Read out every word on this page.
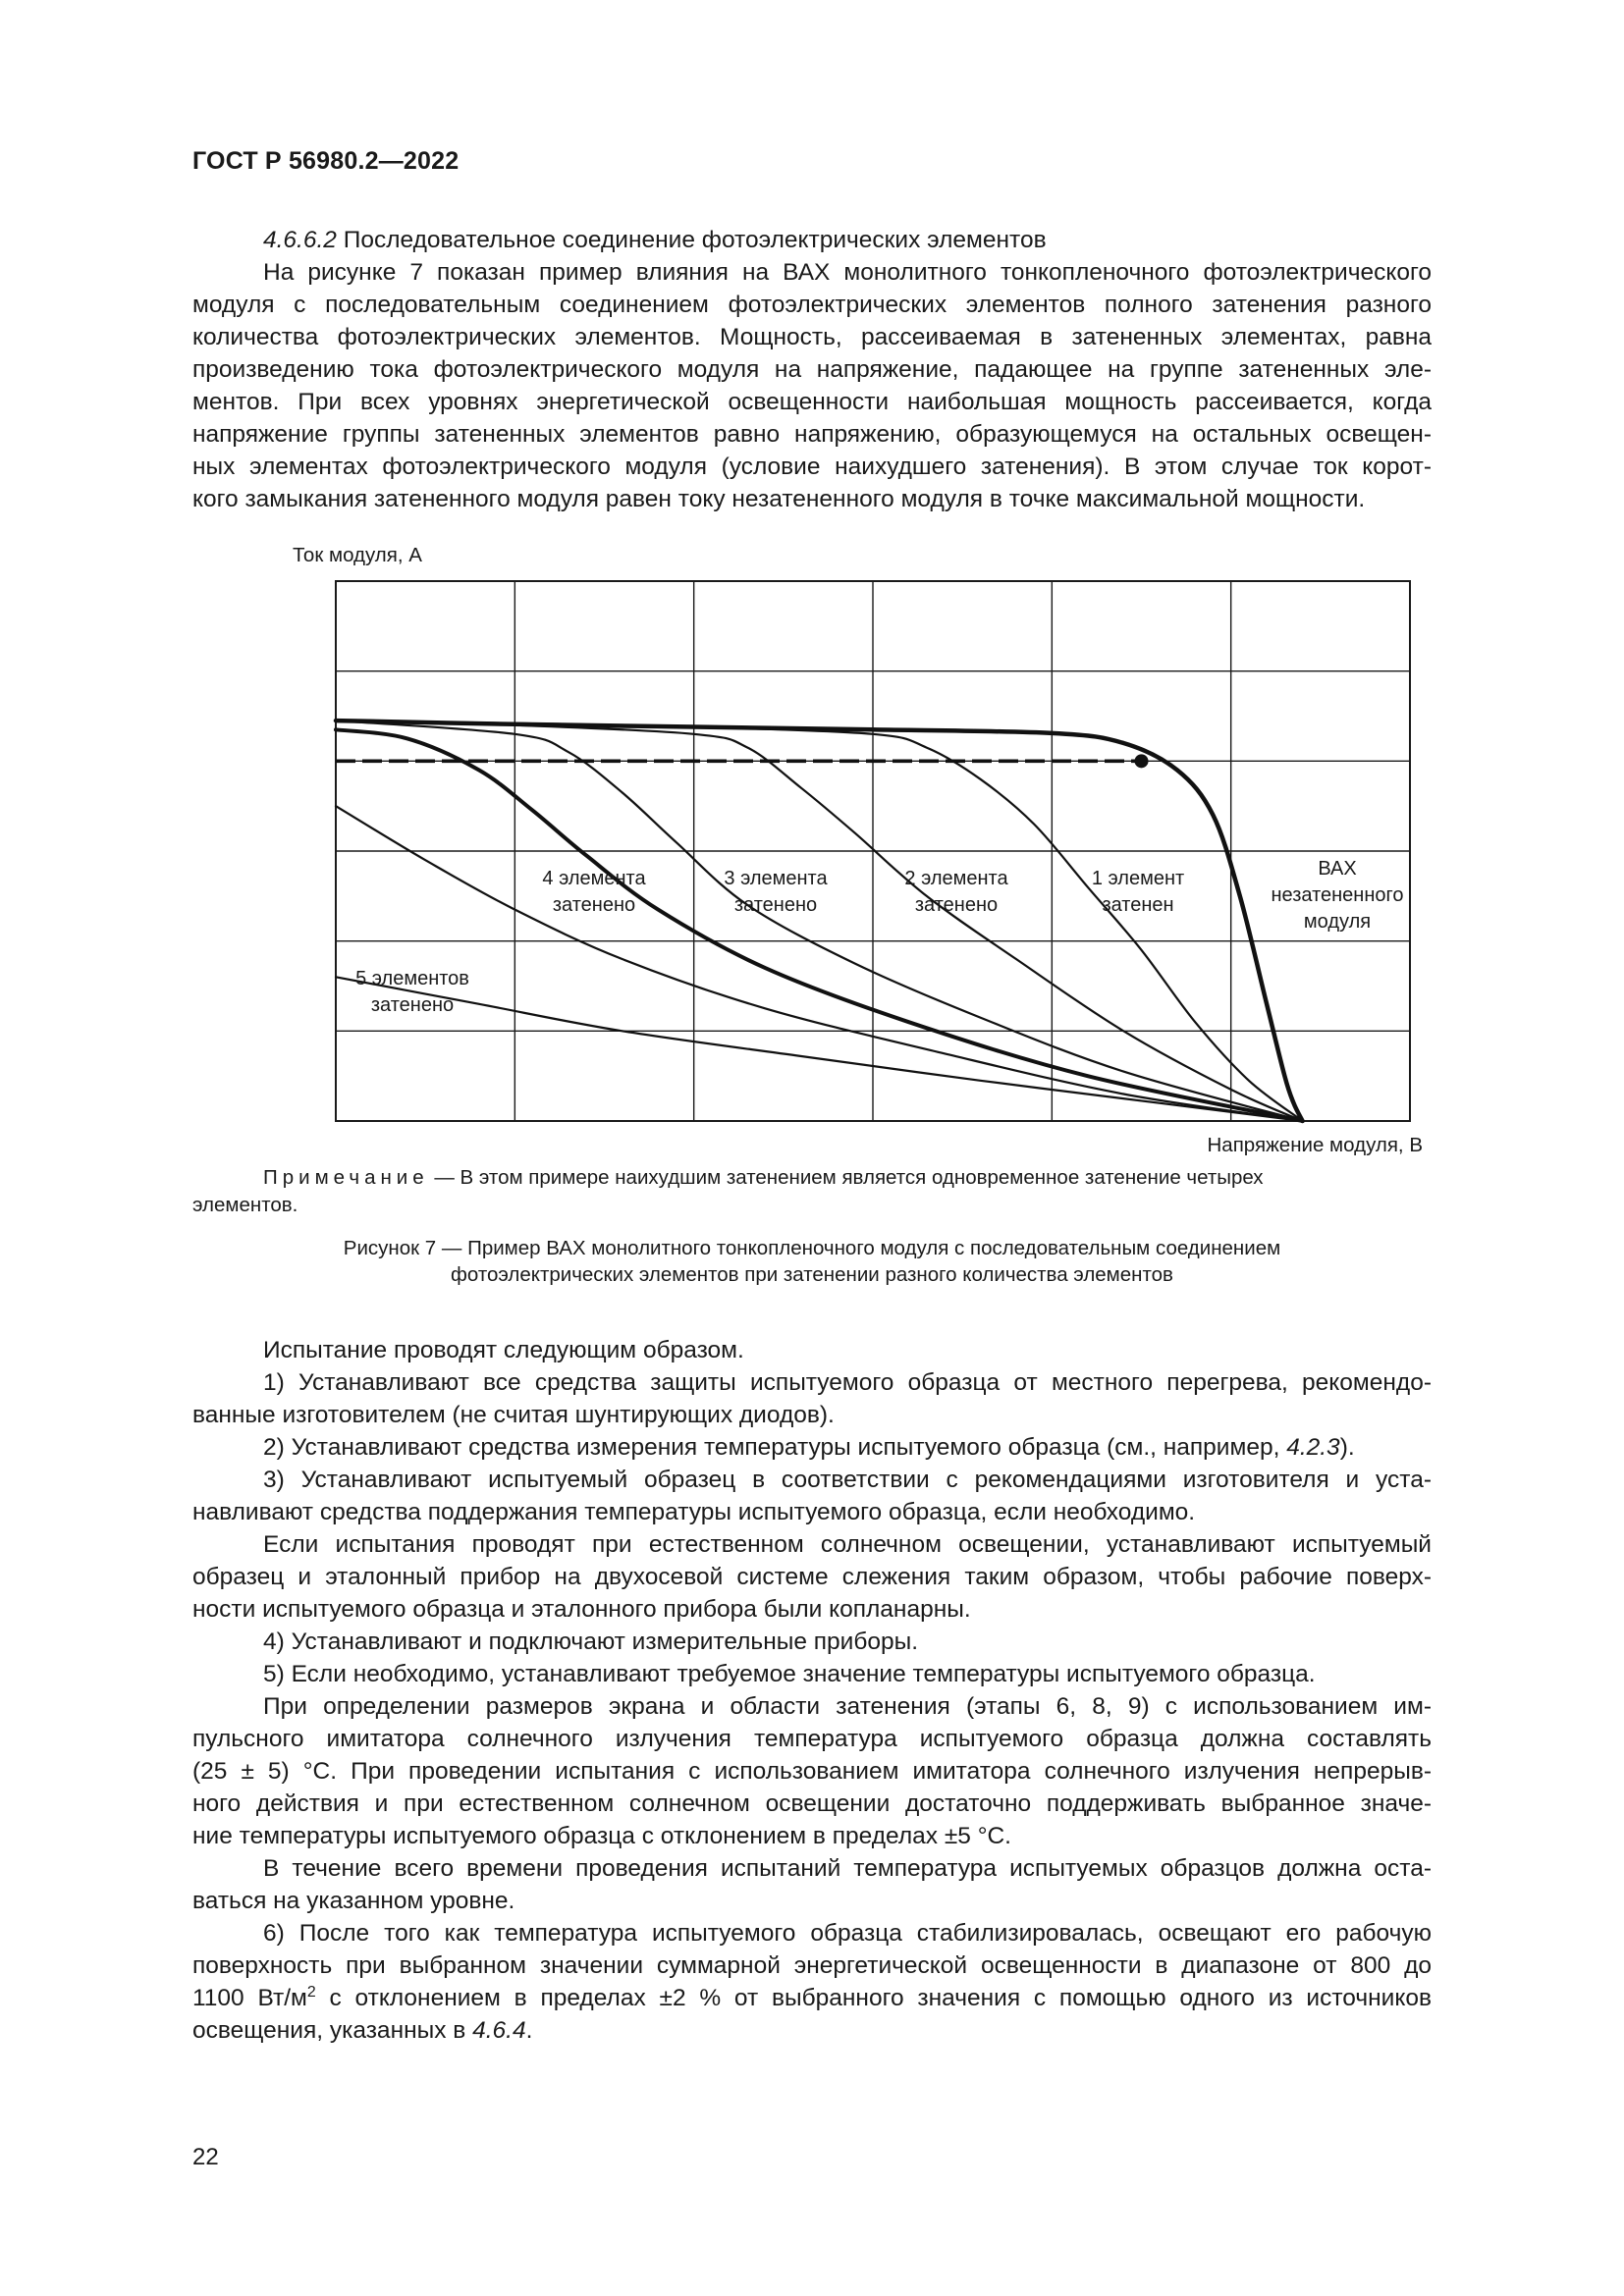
ГОСТ Р 56980.2—2022

4.6.6.2 Последовательное соединение фотоэлектрических элементов

На рисунке 7 показан пример влияния на ВАХ монолитного тонкопленочного фотоэлектрического

модуля с последовательным соединением фотоэлектрических элементов полного затенения разного

количества фотоэлектрических элементов. Мощность, рассеиваемая в затененных элементах, равна

произведению тока фотоэлектрического модуля на напряжение, падающее на группе затененных эле-

ментов. При всех уровнях энергетической освещенности наибольшая мощность рассеивается, когда

напряжение группы затененных элементов равно напряжению, образующемуся на остальных освещен-

ных элементах фотоэлектрического модуля (условие наихудшего затенения). В этом случае ток корот-

кого замыкания затененного модуля равен току незатененного модуля в точке максимальной мощности.

Ток модуля, А
ВАХ
незатененного
модуля
1 элемент
затенен
2 элемента
затенено
3 элемента
затенено
4 элемента
затенено
5 элементов
затенено
Напряжение модуля, В
Примечание — В этом примере наихудшим затенением является одновременное затенение четырех
элементов.
Рисунок 7 — Пример ВАХ монолитного тонкопленочного модуля с последовательным соединением
фотоэлектрических элементов при затенении разного количества элементов

Испытание проводят следующим образом.

1) Устанавливают все средства защиты испытуемого образца от местного перегрева, рекомендо-

ванные изготовителем (не считая шунтирующих диодов).

2) Устанавливают средства измерения температуры испытуемого образца (см., например, 4.2.3).

3) Устанавливают испытуемый образец в соответствии с рекомендациями изготовителя и уста-

навливают средства поддержания температуры испытуемого образца, если необходимо.

Если испытания проводят при естественном солнечном освещении, устанавливают испытуемый

образец и эталонный прибор на двухосевой системе слежения таким образом, чтобы рабочие поверх-

ности испытуемого образца и эталонного прибора были копланарны.

4) Устанавливают и подключают измерительные приборы.

5) Если необходимо, устанавливают требуемое значение температуры испытуемого образца.

При определении размеров экрана и области затенения (этапы 6, 8, 9) с использованием им-

пульсного имитатора солнечного излучения температура испытуемого образца должна составлять

(25 ± 5) °С. При проведении испытания с использованием имитатора солнечного излучения непрерыв-

ного действия и при естественном солнечном освещении достаточно поддерживать выбранное значе-

ние температуры испытуемого образца с отклонением в пределах ±5 °С.

В течение всего времени проведения испытаний температура испытуемых образцов должна оста-

ваться на указанном уровне.

6) После того как температура испытуемого образца стабилизировалась, освещают его рабочую

поверхность при выбранном значении суммарной энергетической освещенности в диапазоне от 800 до

1100 $Вт/м^2$ с отклонением в пределах ±2 % от выбранного значения с помощью одного из источников

освещения, указанных в 4.6.4.

22
